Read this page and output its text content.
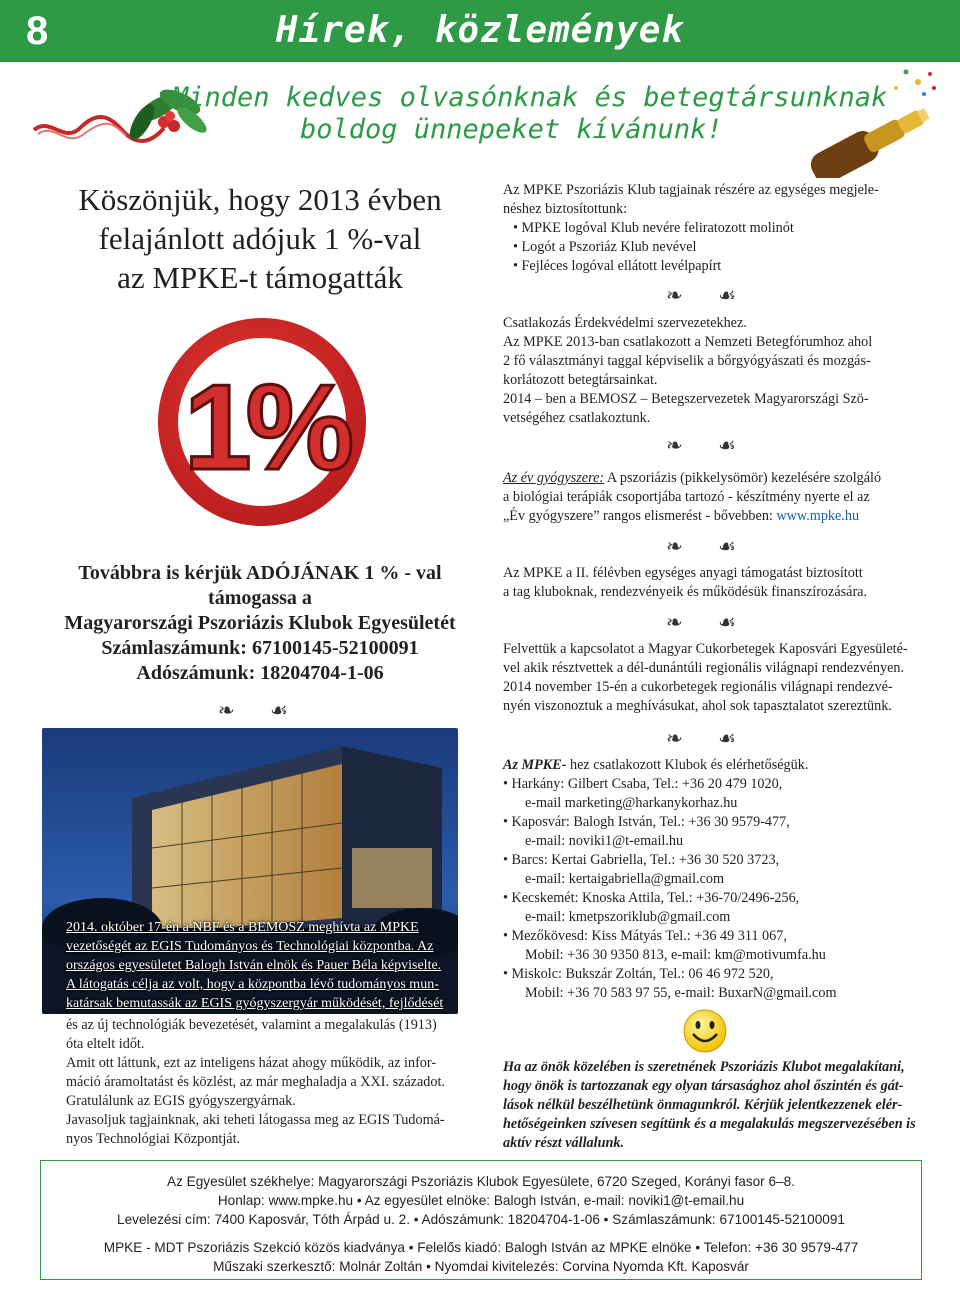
8	Hírek, közlemények
Minden kedves olvasónknak és betegtársunknak
boldog ünnepeket kívánunk!
Köszönjük, hogy 2013 évben
felajánlott adójuk 1 %-val
az MPKE-t támogatták
1%
Továbbra is kérjük ADÓJÁNAK 1 % - val
támogassa a
Magyarországi Pszoriázis Klubok Egyesületét
Számlaszámunk: 67100145-52100091
Adószámunk: 18204704-1-06
❧ ☙
2014. október 17-én a NBF és a BEMOSZ meghívta az MPKE
vezetőségét az EGIS Tudományos és Technológiai központba. Az
országos egyesületet Balogh István elnök és Pauer Béla képviselte.
A látogatás célja az volt, hogy a központba lévő tudományos mun-
katársak bemutassák az EGIS gyógyszergyár működését, fejlődését
és az új technológiák bevezetését, valamint a megalakulás (1913)
óta eltelt időt.
Amit ott láttunk, ezt az inteligens házat ahogy működik, az infor-
máció áramoltatást és közlést, az már meghaladja a XXI. századot.
Gratulálunk az EGIS gyógyszergyárnak.
Javasoljuk tagjainknak, aki teheti látogassa meg az EGIS Tudomá-
nyos Technológiai Központját.
Az MPKE Pszoriázis Klub tagjainak részére az egységes megjele-
néshez biztosítottunk:
• MPKE logóval Klub nevére feliratozott molinót
• Logót a Pszoriáz Klub nevével
• Fejléces logóval ellátott levélpapírt
❧ ☙
Csatlakozás Érdekvédelmi szervezetekhez.
Az MPKE 2013-ban csatlakozott a Nemzeti Betegfórumhoz ahol
2 fő választmányi taggal képviselik a bőrgyógyászati és mozgás-
korlátozott betegtársainkat.
2014 – ben a BEMOSZ – Betegszervezetek Magyarországi Szö-
vetségéhez csatlakoztunk.
❧ ☙
Az év gyógyszere: A pszoriázis (pikkelysömör) kezelésére szolgáló
a biológiai terápiák csoportjába tartozó - készítmény nyerte el az
„Év gyógyszere” rangos elismerést - bővebben: www.mpke.hu
❧ ☙
Az MPKE a II. félévben egységes anyagi támogatást biztosított
a tag kluboknak, rendezvényeik és működésük finanszírozására.
❧ ☙
Felvettük a kapcsolatot a Magyar Cukorbetegek Kaposvári Egyesületé-
vel akik résztvettek a dél-dunántúli regionális világnapi rendezvényen.
2014 november 15-én a cukorbetegek regionális világnapi rendezvé-
nyén viszonoztuk a meghívásukat, ahol sok tapasztalatot szereztünk.
❧ ☙
Az MPKE- hez csatlakozott Klubok és elérhetőségük.
• Harkány: Gilbert Csaba, Tel.: +36 20 479 1020,
e-mail marketing@harkanykorhaz.hu
• Kaposvár: Balogh István, Tel.: +36 30 9579-477,
e-mail: noviki1@t-email.hu
• Barcs: Kertai Gabriella, Tel.: +36 30 520 3723,
e-mail: kertaigabriella@gmail.com
• Kecskemét: Knoska Attila, Tel.: +36-70/2496-256,
e-mail: kmetpszoriklub@gmail.com
• Mezőkövesd: Kiss Mátyás Tel.: +36 49 311 067,
Mobil: +36 30 9350 813, e-mail: km@motivumfa.hu
• Miskolc: Bukszár Zoltán, Tel.: 06 46 972 520,
Mobil: +36 70 583 97 55, e-mail: BuxarN@gmail.com
Ha az önök közelében is szeretnének Pszoriázis Klubot megalakítani,
hogy önök is tartozzanak egy olyan társasághoz ahol őszintén és gát-
lások nélkül beszélhetünk önmagunkról. Kérjük jelentkezzenek elér-
hetőségeinken szívesen segítünk és a megalakulás megszervezésében is
aktív részt vállalunk.
Az Egyesület székhelye: Magyarországi Pszoriázis Klubok Egyesülete, 6720 Szeged, Korányi fasor 6–8.
Honlap: www.mpke.hu • Az egyesület elnöke: Balogh István, e-mail: noviki1@t-email.hu
Levelezési cím: 7400 Kaposvár, Tóth Árpád u. 2. • Adószámunk: 18204704-1-06 • Számlaszámunk: 67100145-52100091
MPKE - MDT Pszoriázis Szekció közös kiadványa • Felelős kiadó: Balogh István az MPKE elnöke • Telefon: +36 30 9579-477
Műszaki szerkesztő: Molnár Zoltán • Nyomdai kivitelezés: Corvina Nyomda Kft. Kaposvár
